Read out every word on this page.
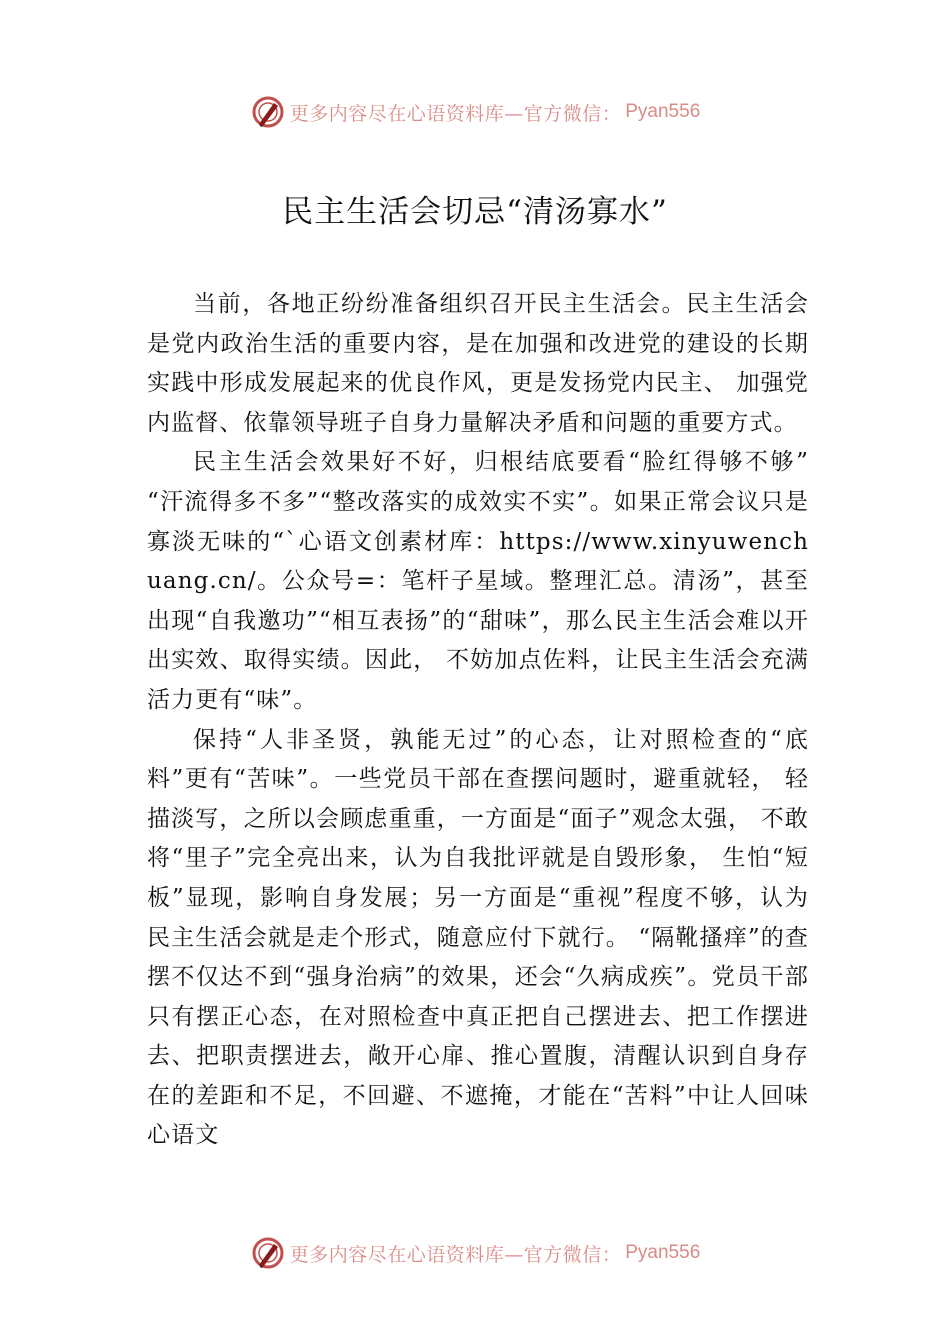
更多内容尽在心语资料库—官方微信： Pyan556
民主生活会切忌“清汤寡水”

当前，各地正纷纷准备组织召开民主生活会。民主生活会是党内政治生活的重要内容，是在加强和改进党的建设的长期实践中形成发展起来的优良作风，更是发扬党内民主、 加强党内监督、依靠领导班子自身力量解决矛盾和问题的重要方式。

民主生活会效果好不好，归根结底要看“脸红得够不够” “汗流得多不多”“整改落实的成效实不实”。如果正常会议只是寡淡无味的“`心语文创素材库：https://www.xinyuwenchuang.cn/。公众号=：笔杆子星域。整理汇总。清汤”，甚至出现“自我邀功”“相互表扬”的“甜味”，那么民主生活会难以开出实效、取得实绩。因此， 不妨加点佐料，让民主生活会充满活力更有“味”。

保持“人非圣贤，孰能无过”的心态，让对照检查的“底料”更有“苦味”。一些党员干部在查摆问题时，避重就轻， 轻描淡写，之所以会顾虑重重，一方面是“面子”观念太强， 不敢将“里子”完全亮出来，认为自我批评就是自毁形象， 生怕“短板”显现，影响自身发展；另一方面是“重视”程度不够，认为民主生活会就是走个形式，随意应付下就行。 “隔靴搔痒”的查摆不仅达不到“强身治病”的效果，还会“久病成疾”。党员干部只有摆正心态，在对照检查中真正把自己摆进去、把工作摆进去、把职责摆进去，敞开心扉、推心置腹，清醒认识到自身存在的差距和不足，不回避、不遮掩，才能在“苦料”中让人回味心语文

更多内容尽在心语资料库—官方微信： Pyan556
